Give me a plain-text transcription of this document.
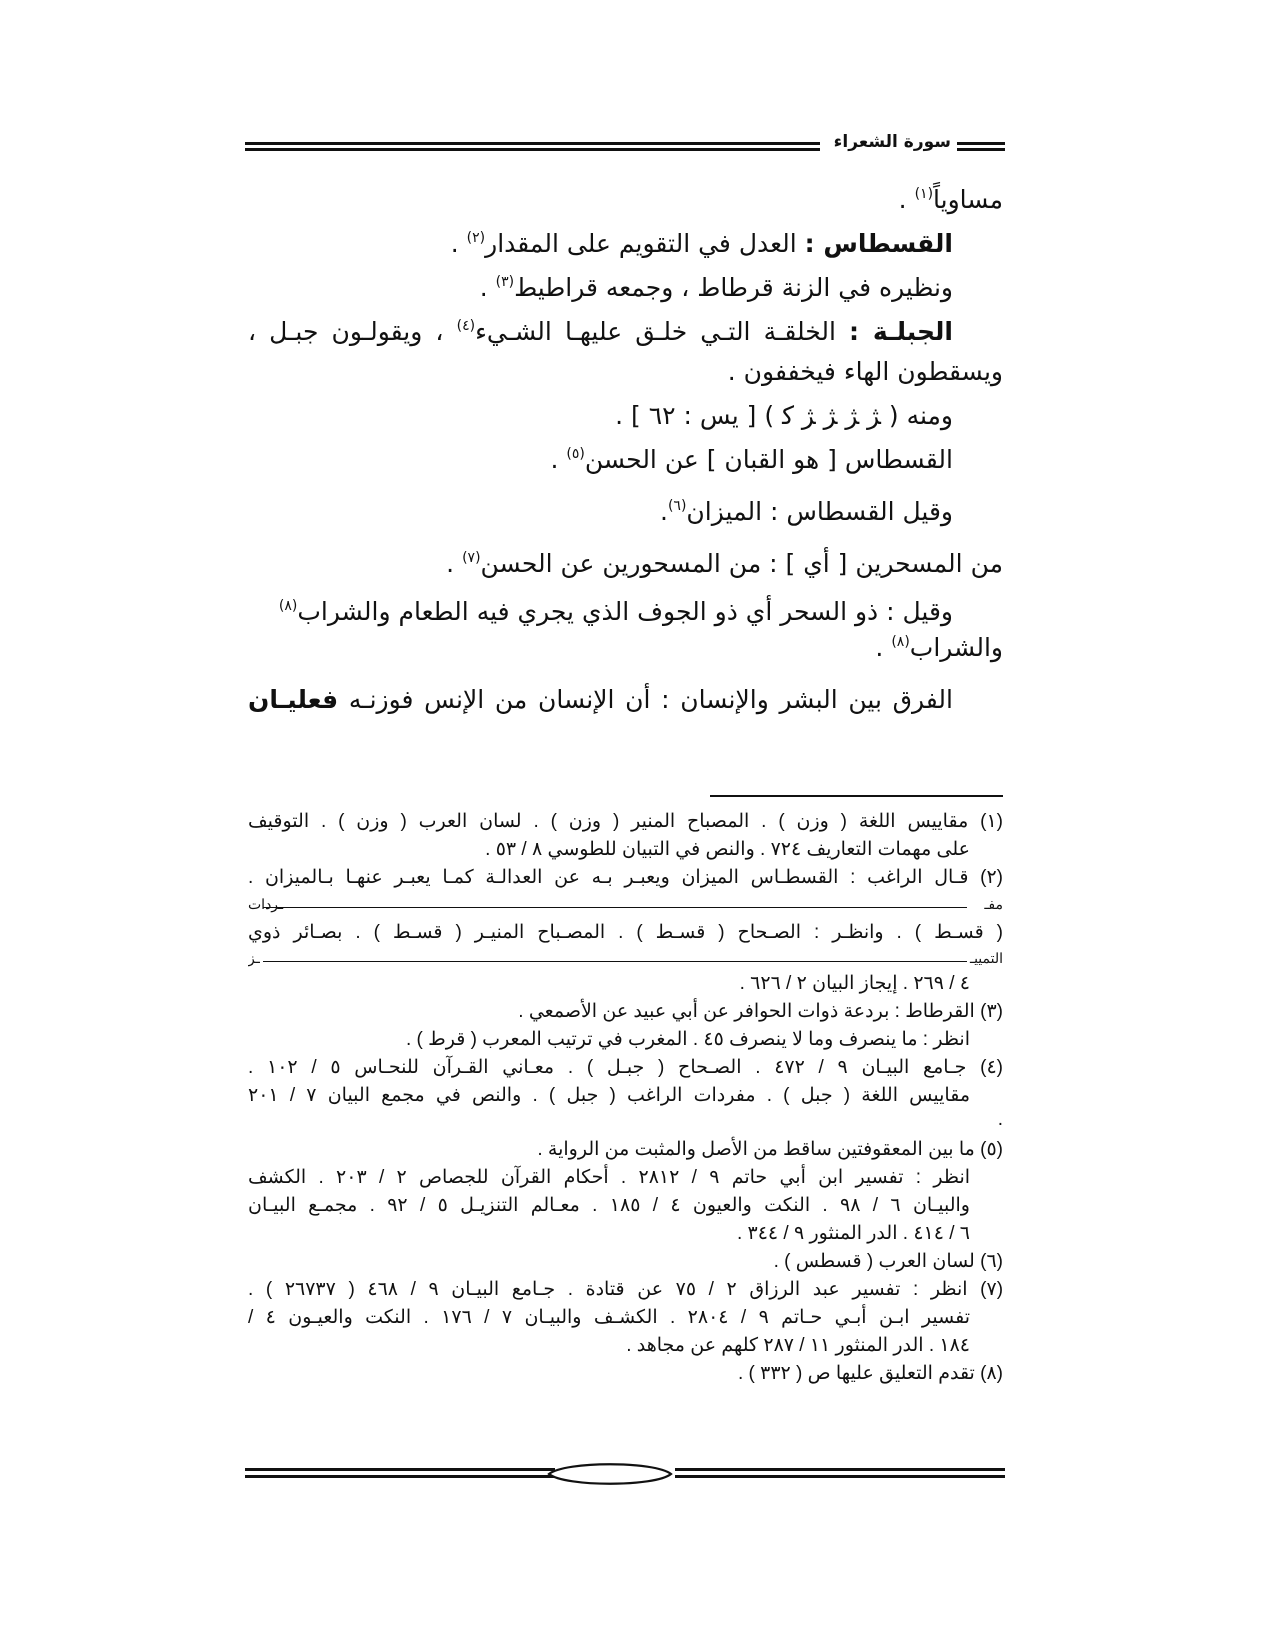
سورة الشعراء
مساوياً$^{(١)}$ .
القسطاس : العدل في التقويم على المقدار$^{(٢)}$ .
ونظيره في الزنة قرطاط ، وجمعه قراطيط$^{(٣)}$ .
الجبلـة : الخلقـة التـي خلـق عليهـا الشـيء$^{(٤)}$ ، ويقولـون جبـل ،
ويسقطون الهاء فيخففون .
ومنه ( ﮋ ﮋ ﮋ ﮋ ﮐ ) [ يس : ٦٢ ] .
القسطاس [ هو القبان ] عن الحسن$^{(٥)}$ .
وقيل القسطاس : الميزان$^{(٦)}$.
من المسحرين [ أي ] : من المسحورين عن الحسن$^{(٧)}$ .
وقيل : ذو السحر أي ذو الجوف الذي يجري فيه الطعام والشراب$^{(٨)}$
والشراب$^{(٨)}$ .
الفرق بين البشر والإنسان : أن الإنسان من الإنس فوزنـه فعليـان
(١) مقاييس اللغة ( وزن ) . المصباح المنير ( وزن ) . لسان العرب ( وزن ) . التوقيف
على مهمات التعاريف ٧٢٤ . والنص في التبيان للطوسي ٨ / ٥٣ .
(٢) قـال الراغب : القسطـاس الميزان ويعبـر بـه عن العدالـة كمـا يعبـر عنهـا بـالميزان .
مفـ
ـردات
( قسـط ) . وانظـر : الصـحاح ( قسـط ) . المصـباح المنيـر ( قسـط ) . بصـائر ذوي
التمييـ
ـز
٤ / ٢٦٩ . إيجاز البيان ٢ / ٦٢٦ .
(٣) القرطاط : بردعة ذوات الحوافر عن أبي عبيد عن الأصمعي .
انظر : ما ينصرف وما لا ينصرف ٤٥ . المغرب في ترتيب المعرب ( قرط ) .
(٤) جـامع البيـان ٩ / ٤٧٢ . الصـحاح ( جبـل ) . معـاني القـرآن للنحـاس ٥ / ١٠٢ .
مقاييس اللغة ( جبل ) . مفردات الراغب ( جبل ) . والنص في مجمع البيان ٧ / ٢٠١
.
(٥) ما بين المعقوفتين ساقط من الأصل والمثبت من الرواية .
انظر : تفسير ابن أبي حاتم ٩ / ٢٨١٢ . أحكام القرآن للجصاص ٢ / ٢٠٣ . الكشف
والبيـان ٦ / ٩٨ . النكت والعيون ٤ / ١٨٥ . معـالم التنزيـل ٥ / ٩٢ . مجمـع البيـان
٦ / ٤١٤ . الدر المنثور ٩ / ٣٤٤ .
(٦) لسان العرب ( قسطس ) .
(٧) انظر : تفسير عبد الرزاق ٢ / ٧٥ عن قتادة . جـامع البيـان ٩ / ٤٦٨ ( ٢٦٧٣٧ ) .
تفسير ابـن أبـي حـاتم ٩ / ٢٨٠٤ . الكشـف والبيـان ٧ / ١٧٦ . النكت والعيـون ٤ /
١٨٤ . الدر المنثور ١١ / ٢٨٧ كلهم عن مجاهد .
(٨) تقدم التعليق عليها ص ( ٣٣٢ ) .
